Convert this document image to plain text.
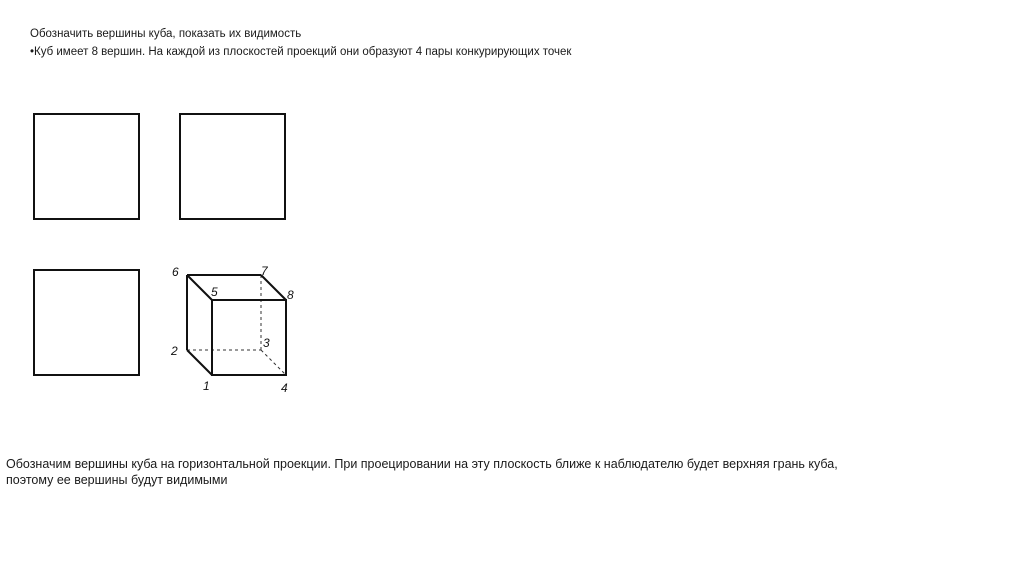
Обозначить вершины куба, показать их видимость
•Куб имеет 8 вершин. На каждой из плоскостей проекций они образуют 4 пары конкурирующих точек
1
2
3
4
5
6	7
8
Обозначим вершины куба на горизонтальной проекции. При проецировании на эту плоскость ближе к наблюдателю будет верхняя грань куба,
поэтому ее вершины будут видимыми
